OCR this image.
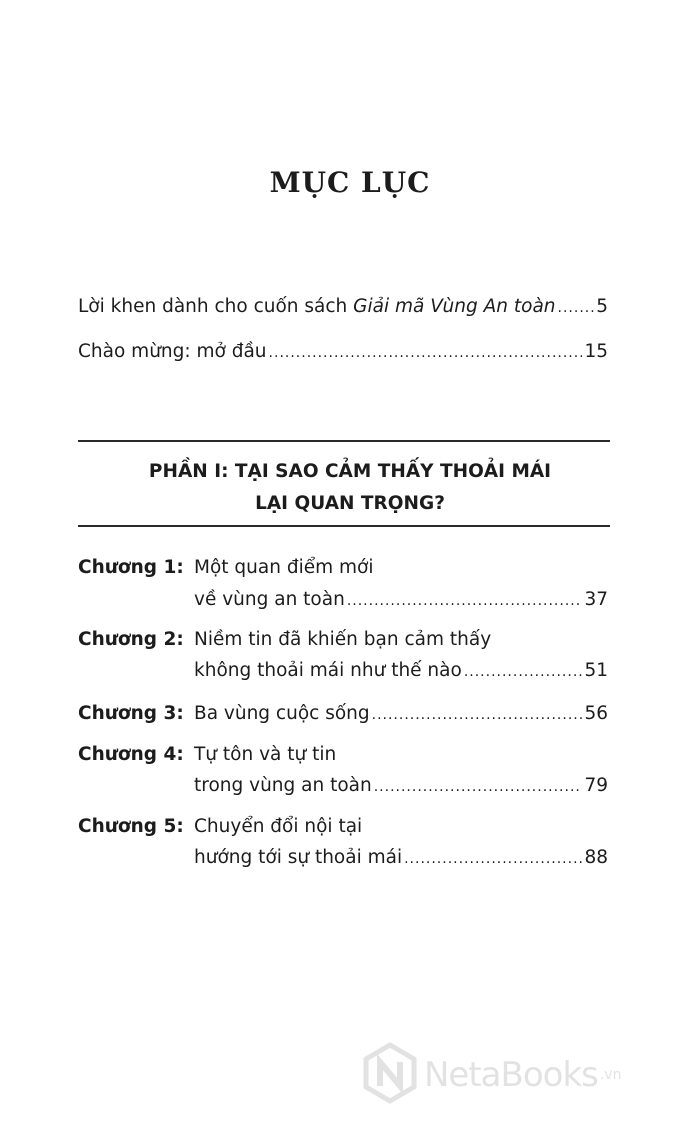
MỤC LỤC
Lời khen dành cho cuốn sách Giải mã Vùng An toàn ..... 5
Chào mừng: mở đầu .....	15
PHẦN I: TẠI SAO CẢM THẤY THOẢI MÁI
LẠI QUAN TRỌNG?
Chương 1: Một quan điểm mới
về vùng an toàn .....	37
Chương 2: Niềm tin đã khiến bạn cảm thấy
không thoải mái như thế nào .....	51
Chương 3: Ba vùng cuộc sống .....	56
Chương 4: Tự tôn và tự tin
trong vùng an toàn .....	79
Chương 5: Chuyển đổi nội tại
hướng tới sự thoải mái .....	88
NetaBooks .vn
